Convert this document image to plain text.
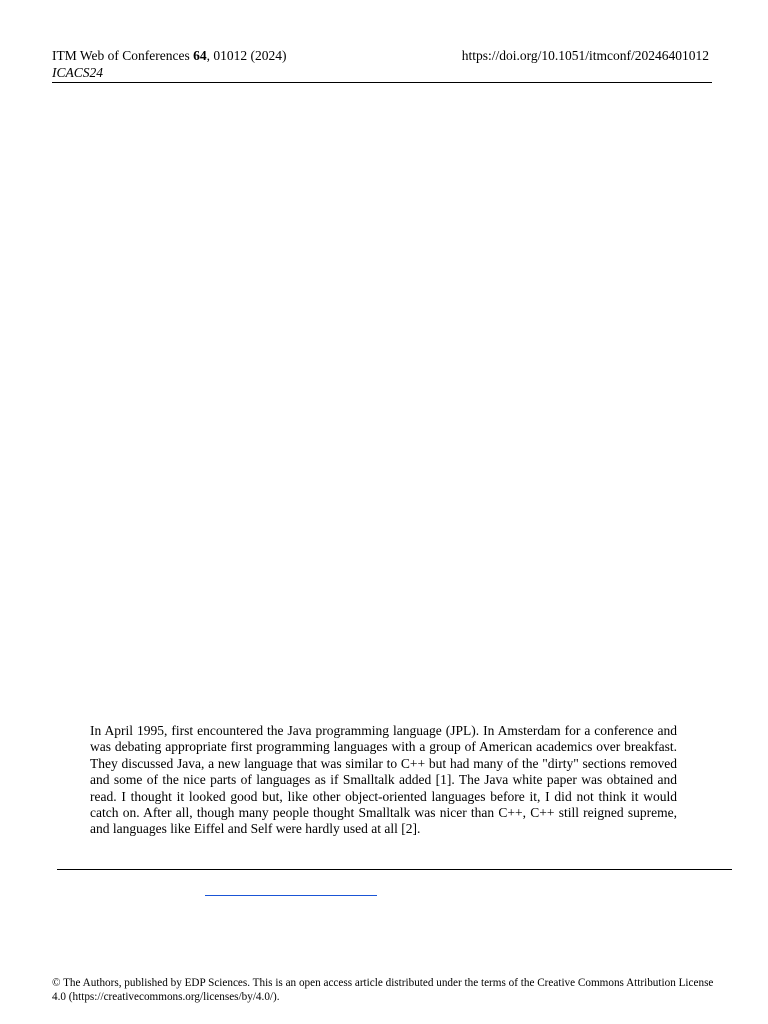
ITM Web of Conferences 64, 01012 (2024)
ICACS24
https://doi.org/10.1051/itmconf/20246401012

In April 1995, first encountered the Java programming language (JPL). In Amsterdam for a conference and was debating appropriate first programming languages with a group of American academics over breakfast. They discussed Java, a new language that was similar to C++ but had many of the "dirty" sections removed and some of the nice parts of languages as if Smalltalk added [1]. The Java white paper was obtained and read. I thought it looked good but, like other object-oriented languages before it, I did not think it would catch on. After all, though many people thought Smalltalk was nicer than C++, C++ still reigned supreme, and languages like Eiffel and Self were hardly used at all [2].

© The Authors, published by EDP Sciences. This is an open access article distributed under the terms of the Creative Commons Attribution License 4.0 (https://creativecommons.org/licenses/by/4.0/).
